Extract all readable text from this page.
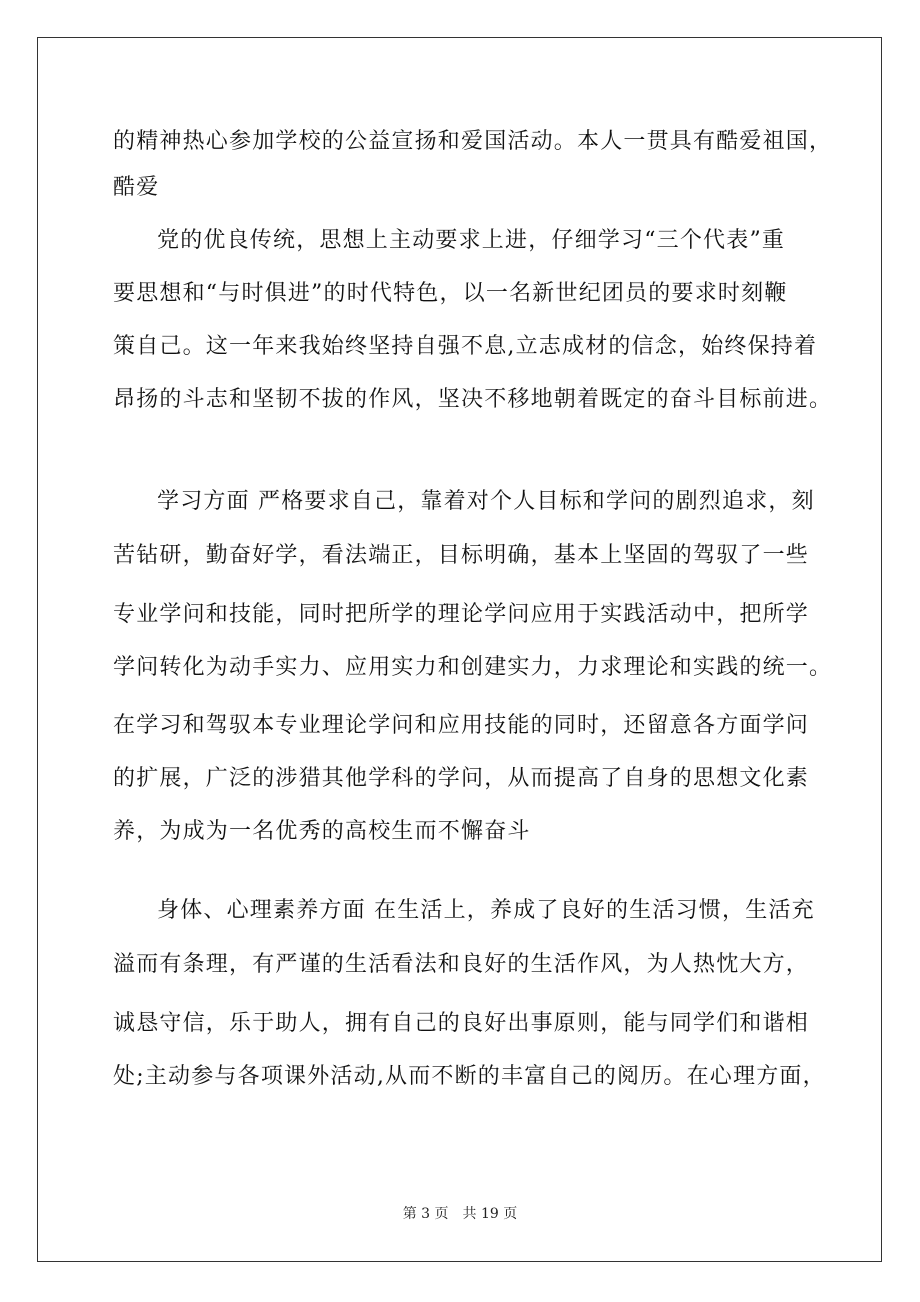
的精神热心参加学校的公益宣扬和爱国活动。本人一贯具有酷爱祖国，
酷爱
党的优良传统，思想上主动要求上进，仔细学习“三个代表”重
要思想和“与时俱进”的时代特色，以一名新世纪团员的要求时刻鞭
策自己。这一年来我始终坚持自强不息,立志成材的信念，始终保持着
昂扬的斗志和坚韧不拔的作风，坚决不移地朝着既定的奋斗目标前进。
学习方面 严格要求自己，靠着对个人目标和学问的剧烈追求，刻
苦钻研，勤奋好学，看法端正，目标明确，基本上坚固的驾驭了一些
专业学问和技能，同时把所学的理论学问应用于实践活动中，把所学
学问转化为动手实力、应用实力和创建实力，力求理论和实践的统一。
在学习和驾驭本专业理论学问和应用技能的同时，还留意各方面学问
的扩展，广泛的涉猎其他学科的学问，从而提高了自身的思想文化素
养，为成为一名优秀的高校生而不懈奋斗
身体、心理素养方面 在生活上，养成了良好的生活习惯，生活充
溢而有条理，有严谨的生活看法和良好的生活作风，为人热忱大方，
诚恳守信，乐于助人，拥有自己的良好出事原则，能与同学们和谐相
处;主动参与各项课外活动,从而不断的丰富自己的阅历。在心理方面，
第 3 页　共 19 页
